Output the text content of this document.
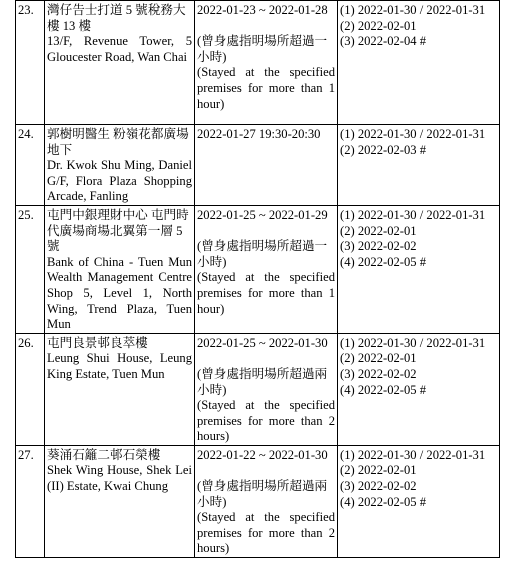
23.	灣仔告士打道 5 號稅務大樓 13 樓
13/F, Revenue Tower, 5 Gloucester Road, Wan Chai	2022-01-23 ~ 2022-01-28
(曾身處指明場所超過一小時)
(Stayed at the specified premises for more than 1 hour)	(1) 2022-01-30 / 2022-01-31
(2) 2022-02-01
(3) 2022-02-04 #

24.	郭樹明醫生 粉嶺花都廣場地下
Dr. Kwok Shu Ming, Daniel G/F, Flora Plaza Shopping Arcade, Fanling	2022-01-27 19:30-20:30	(1) 2022-01-30 / 2022-01-31
(2) 2022-02-03 #

25.	屯門中銀理財中心 屯門時代廣場商場北翼第一層 5 號
Bank of China - Tuen Mun Wealth Management Centre Shop 5, Level 1, North Wing, Trend Plaza, Tuen Mun	2022-01-25 ~ 2022-01-29
(曾身處指明場所超過一小時)
(Stayed at the specified premises for more than 1 hour)	(1) 2022-01-30 / 2022-01-31
(2) 2022-02-01
(3) 2022-02-02
(4) 2022-02-05 #

26.	屯門良景邨良萃樓
Leung Shui House, Leung King Estate, Tuen Mun	2022-01-25 ~ 2022-01-30
(曾身處指明場所超過兩小時)
(Stayed at the specified premises for more than 2 hours)	(1) 2022-01-30 / 2022-01-31
(2) 2022-02-01
(3) 2022-02-02
(4) 2022-02-05 #

27.	葵涌石籬二邨石榮樓
Shek Wing House, Shek Lei (II) Estate, Kwai Chung	2022-01-22 ~ 2022-01-30
(曾身處指明場所超過兩小時)
(Stayed at the specified premises for more than 2 hours)	(1) 2022-01-30 / 2022-01-31
(2) 2022-02-01
(3) 2022-02-02
(4) 2022-02-05 #
